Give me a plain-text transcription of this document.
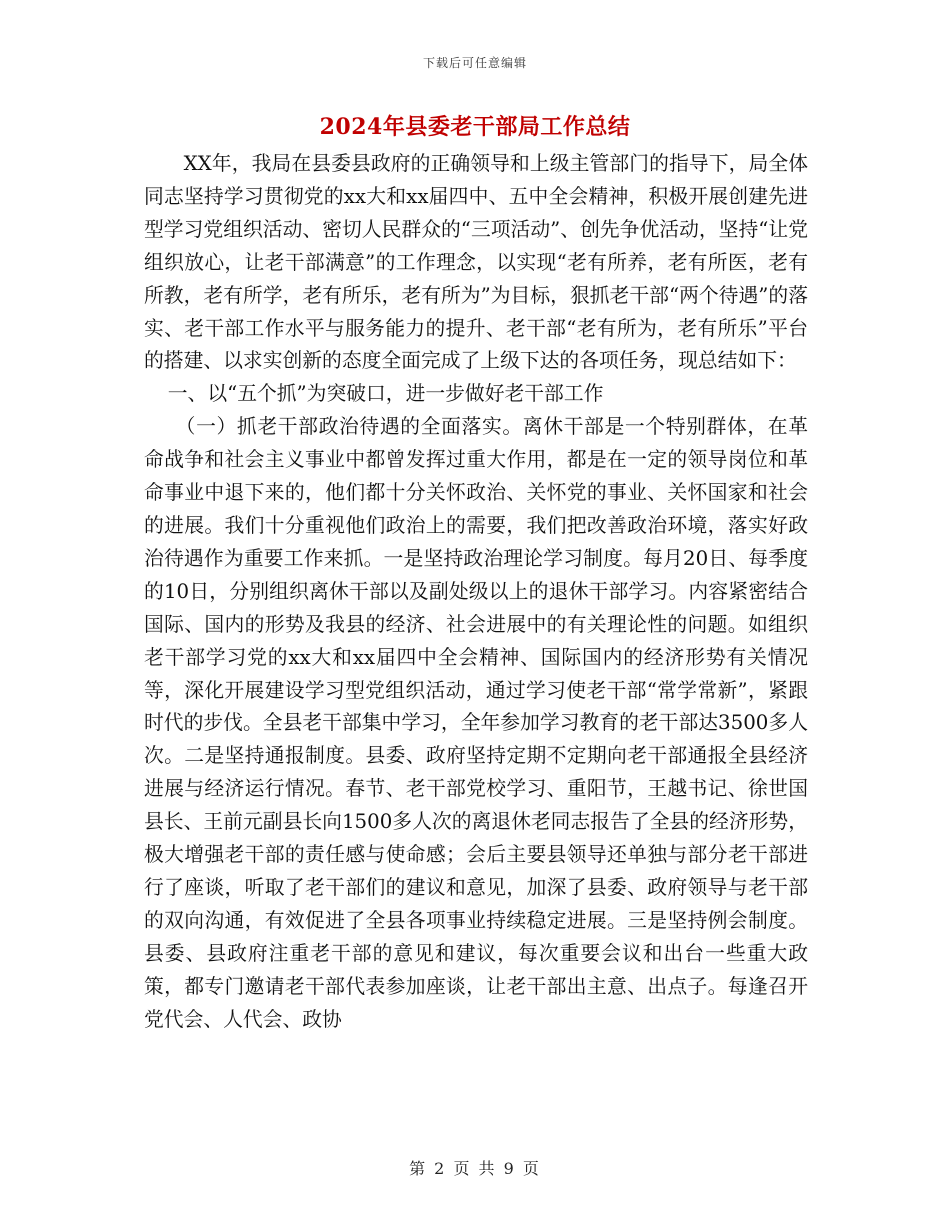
下载后可任意编辑
2024年县委老干部局工作总结

XX年，我局在县委县政府的正确领导和上级主管部门的指导下，局全体同志坚持学习贯彻党的xx大和xx届四中、五中全会精神，积极开展创建先进型学习党组织活动、密切人民群众的“三项活动”、创先争优活动，坚持“让党组织放心，让老干部满意”的工作理念，以实现“老有所养，老有所医，老有所教，老有所学，老有所乐，老有所为”为目标，狠抓老干部“两个待遇”的落实、老干部工作水平与服务能力的提升、老干部“老有所为，老有所乐”平台的搭建、以求实创新的态度全面完成了上级下达的各项任务，现总结如下：

一、以“五个抓”为突破口，进一步做好老干部工作

（一）抓老干部政治待遇的全面落实。离休干部是一个特别群体，在革命战争和社会主义事业中都曾发挥过重大作用，都是在一定的领导岗位和革命事业中退下来的，他们都十分关怀政治、关怀党的事业、关怀国家和社会的进展。我们十分重视他们政治上的需要，我们把改善政治环境，落实好政治待遇作为重要工作来抓。一是坚持政治理论学习制度。每月20日、每季度的10日，分别组织离休干部以及副处级以上的退休干部学习。内容紧密结合国际、国内的形势及我县的经济、社会进展中的有关理论性的问题。如组织老干部学习党的xx大和xx届四中全会精神、国际国内的经济形势有关情况等，深化开展建设学习型党组织活动，通过学习使老干部“常学常新”，紧跟时代的步伐。全县老干部集中学习，全年参加学习教育的老干部达3500多人次。二是坚持通报制度。县委、政府坚持定期不定期向老干部通报全县经济进展与经济运行情况。春节、老干部党校学习、重阳节，王越书记、徐世国县长、王前元副县长向1500多人次的离退休老同志报告了全县的经济形势，极大增强老干部的责任感与使命感；会后主要县领导还单独与部分老干部进行了座谈，听取了老干部们的建议和意见，加深了县委、政府领导与老干部的双向沟通，有效促进了全县各项事业持续稳定进展。三是坚持例会制度。县委、县政府注重老干部的意见和建议，每次重要会议和出台一些重大政策，都专门邀请老干部代表参加座谈，让老干部出主意、出点子。每逢召开党代会、人代会、政协

第 2 页 共 9 页
